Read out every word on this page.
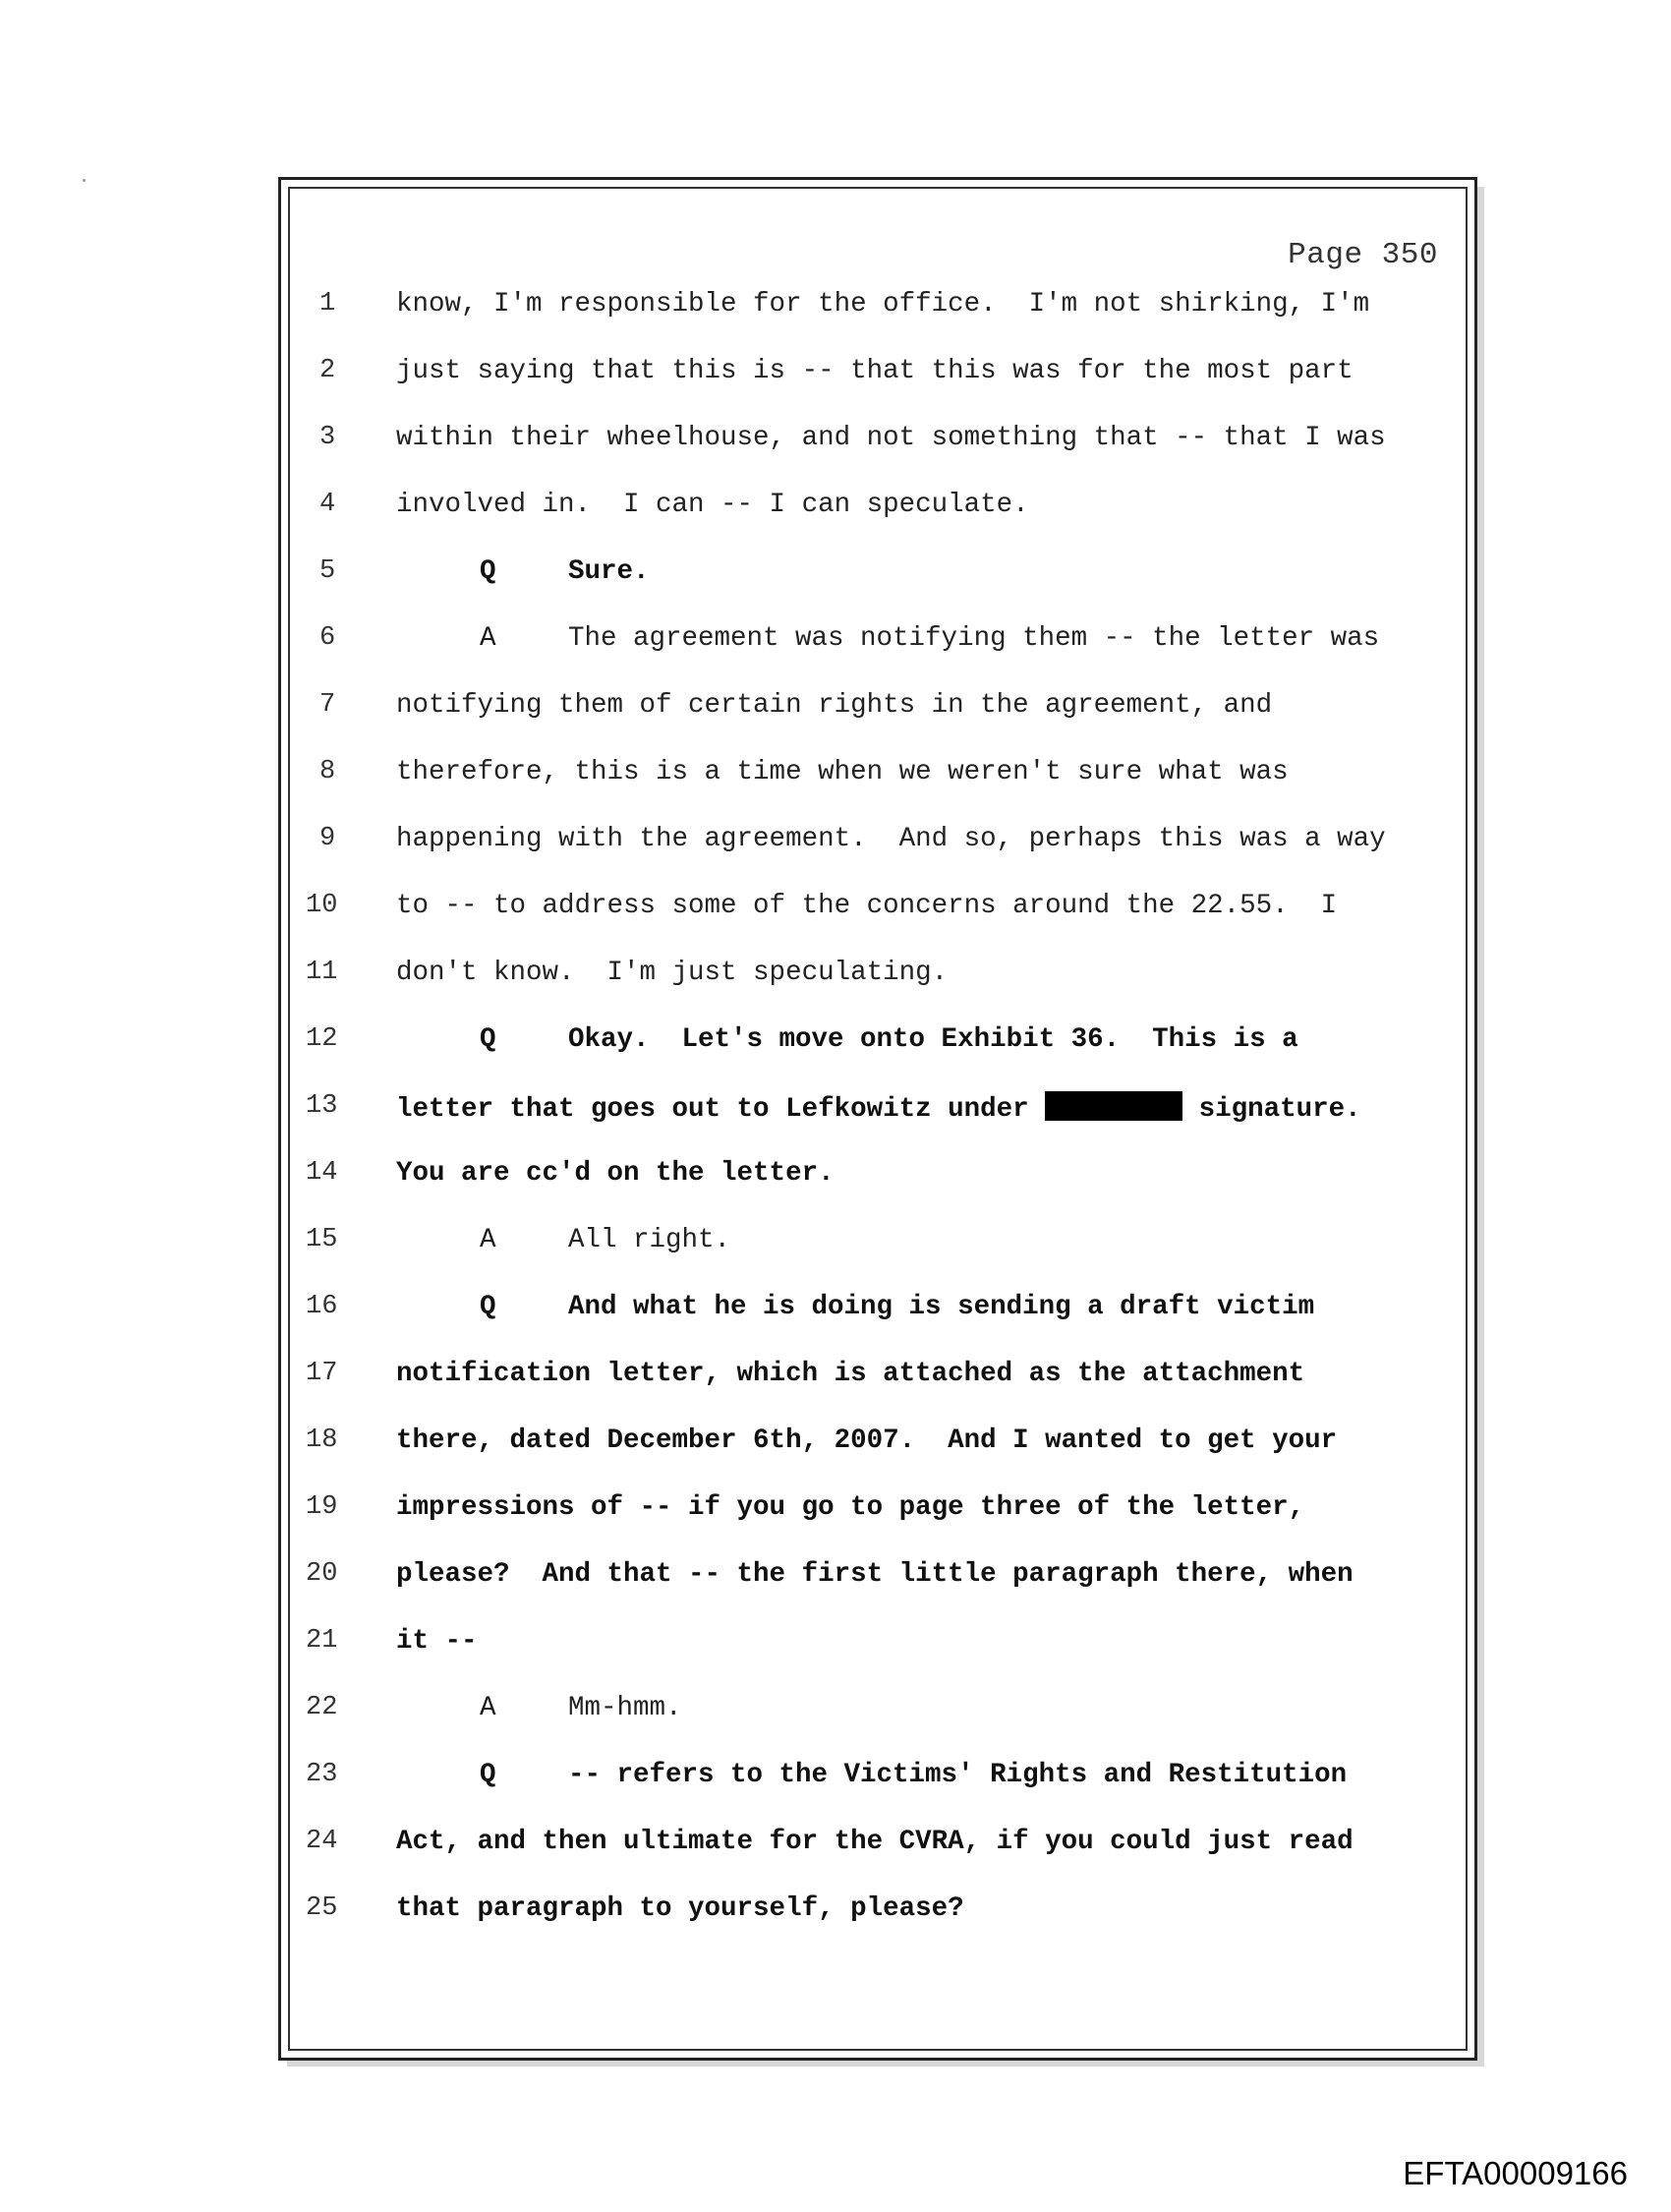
Page 350
1	know, I'm responsible for the office.  I'm not shirking, I'm
2	just saying that this is -- that this was for the most part
3	within their wheelhouse, and not something that -- that I was
4	involved in.  I can -- I can speculate.
5	Q	Sure.
6	A	The agreement was notifying them -- the letter was
7	notifying them of certain rights in the agreement, and
8	therefore, this is a time when we weren't sure what was
9	happening with the agreement.  And so, perhaps this was a way
10 to -- to address some of the concerns around the 22.55.  I
11 don't know.  I'm just speculating.
12	Q	Okay.  Let's move onto Exhibit 36.  This is a
13 letter that goes out to Lefkowitz under	signature.
14 You are cc'd on the letter.
15	A	All right.
16	Q	And what he is doing is sending a draft victim
17 notification letter, which is attached as the attachment
18 there, dated December 6th, 2007.  And I wanted to get your
19 impressions of -- if you go to page three of the letter,
20 please?  And that -- the first little paragraph there, when
21 it --
22	A	Mm-hmm.
23	Q	-- refers to the Victims' Rights and Restitution
24 Act, and then ultimate for the CVRA, if you could just read
25 that paragraph to yourself, please?
EFTA00009166
